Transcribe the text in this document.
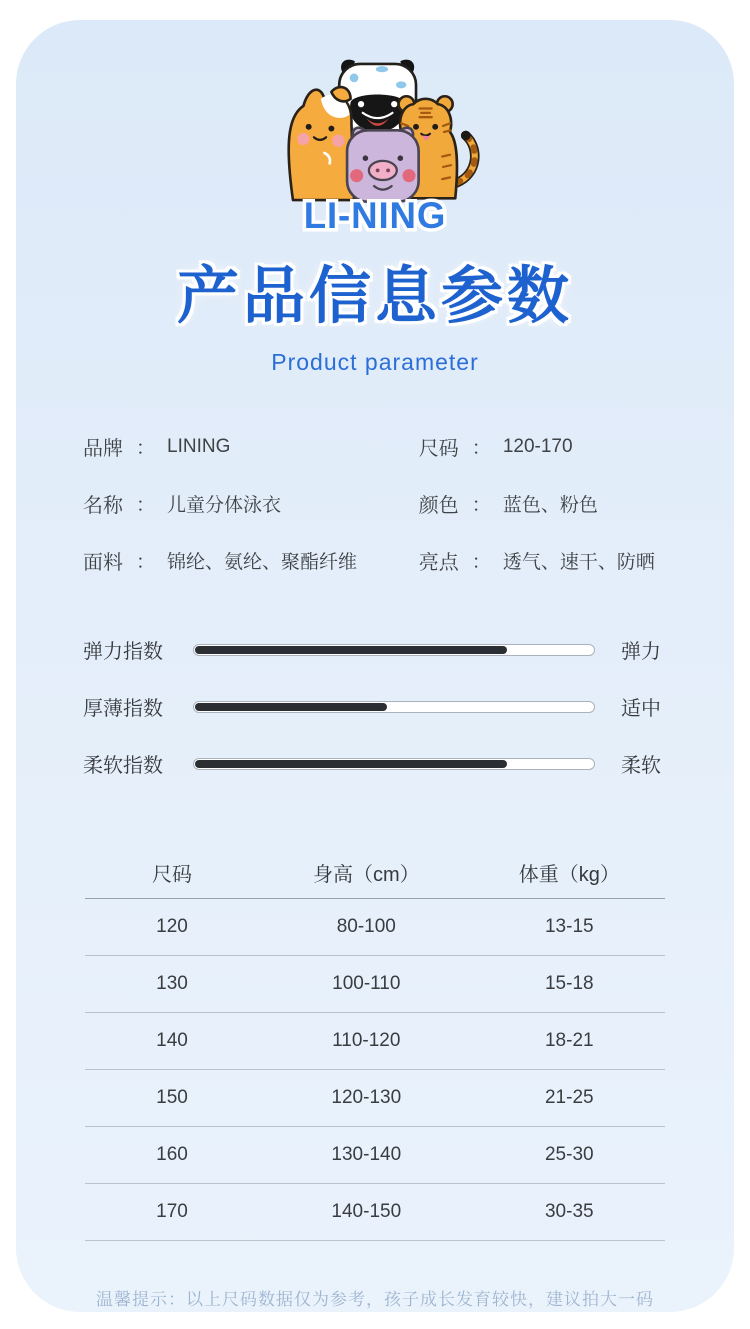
LI-NING
产品信息参数
Product parameter
品牌 ： LINING	尺码 ： 120-170
名称 ： 儿童分体泳衣	颜色 ： 蓝色、粉色
面料 ： 锦纶、氨纶、聚酯纤维	亮点 ： 透气、速干、防晒
弹力指数	弹力
厚薄指数	适中
柔软指数	柔软
尺码	身高（cm）	体重（kg）
120	80-100	13-15
130	100-110	15-18
140	110-120	18-21
150	120-130	21-25
160	130-140	25-30
170	140-150	30-35
温馨提示：以上尺码数据仅为参考，孩子成长发育较快，建议拍大一码
